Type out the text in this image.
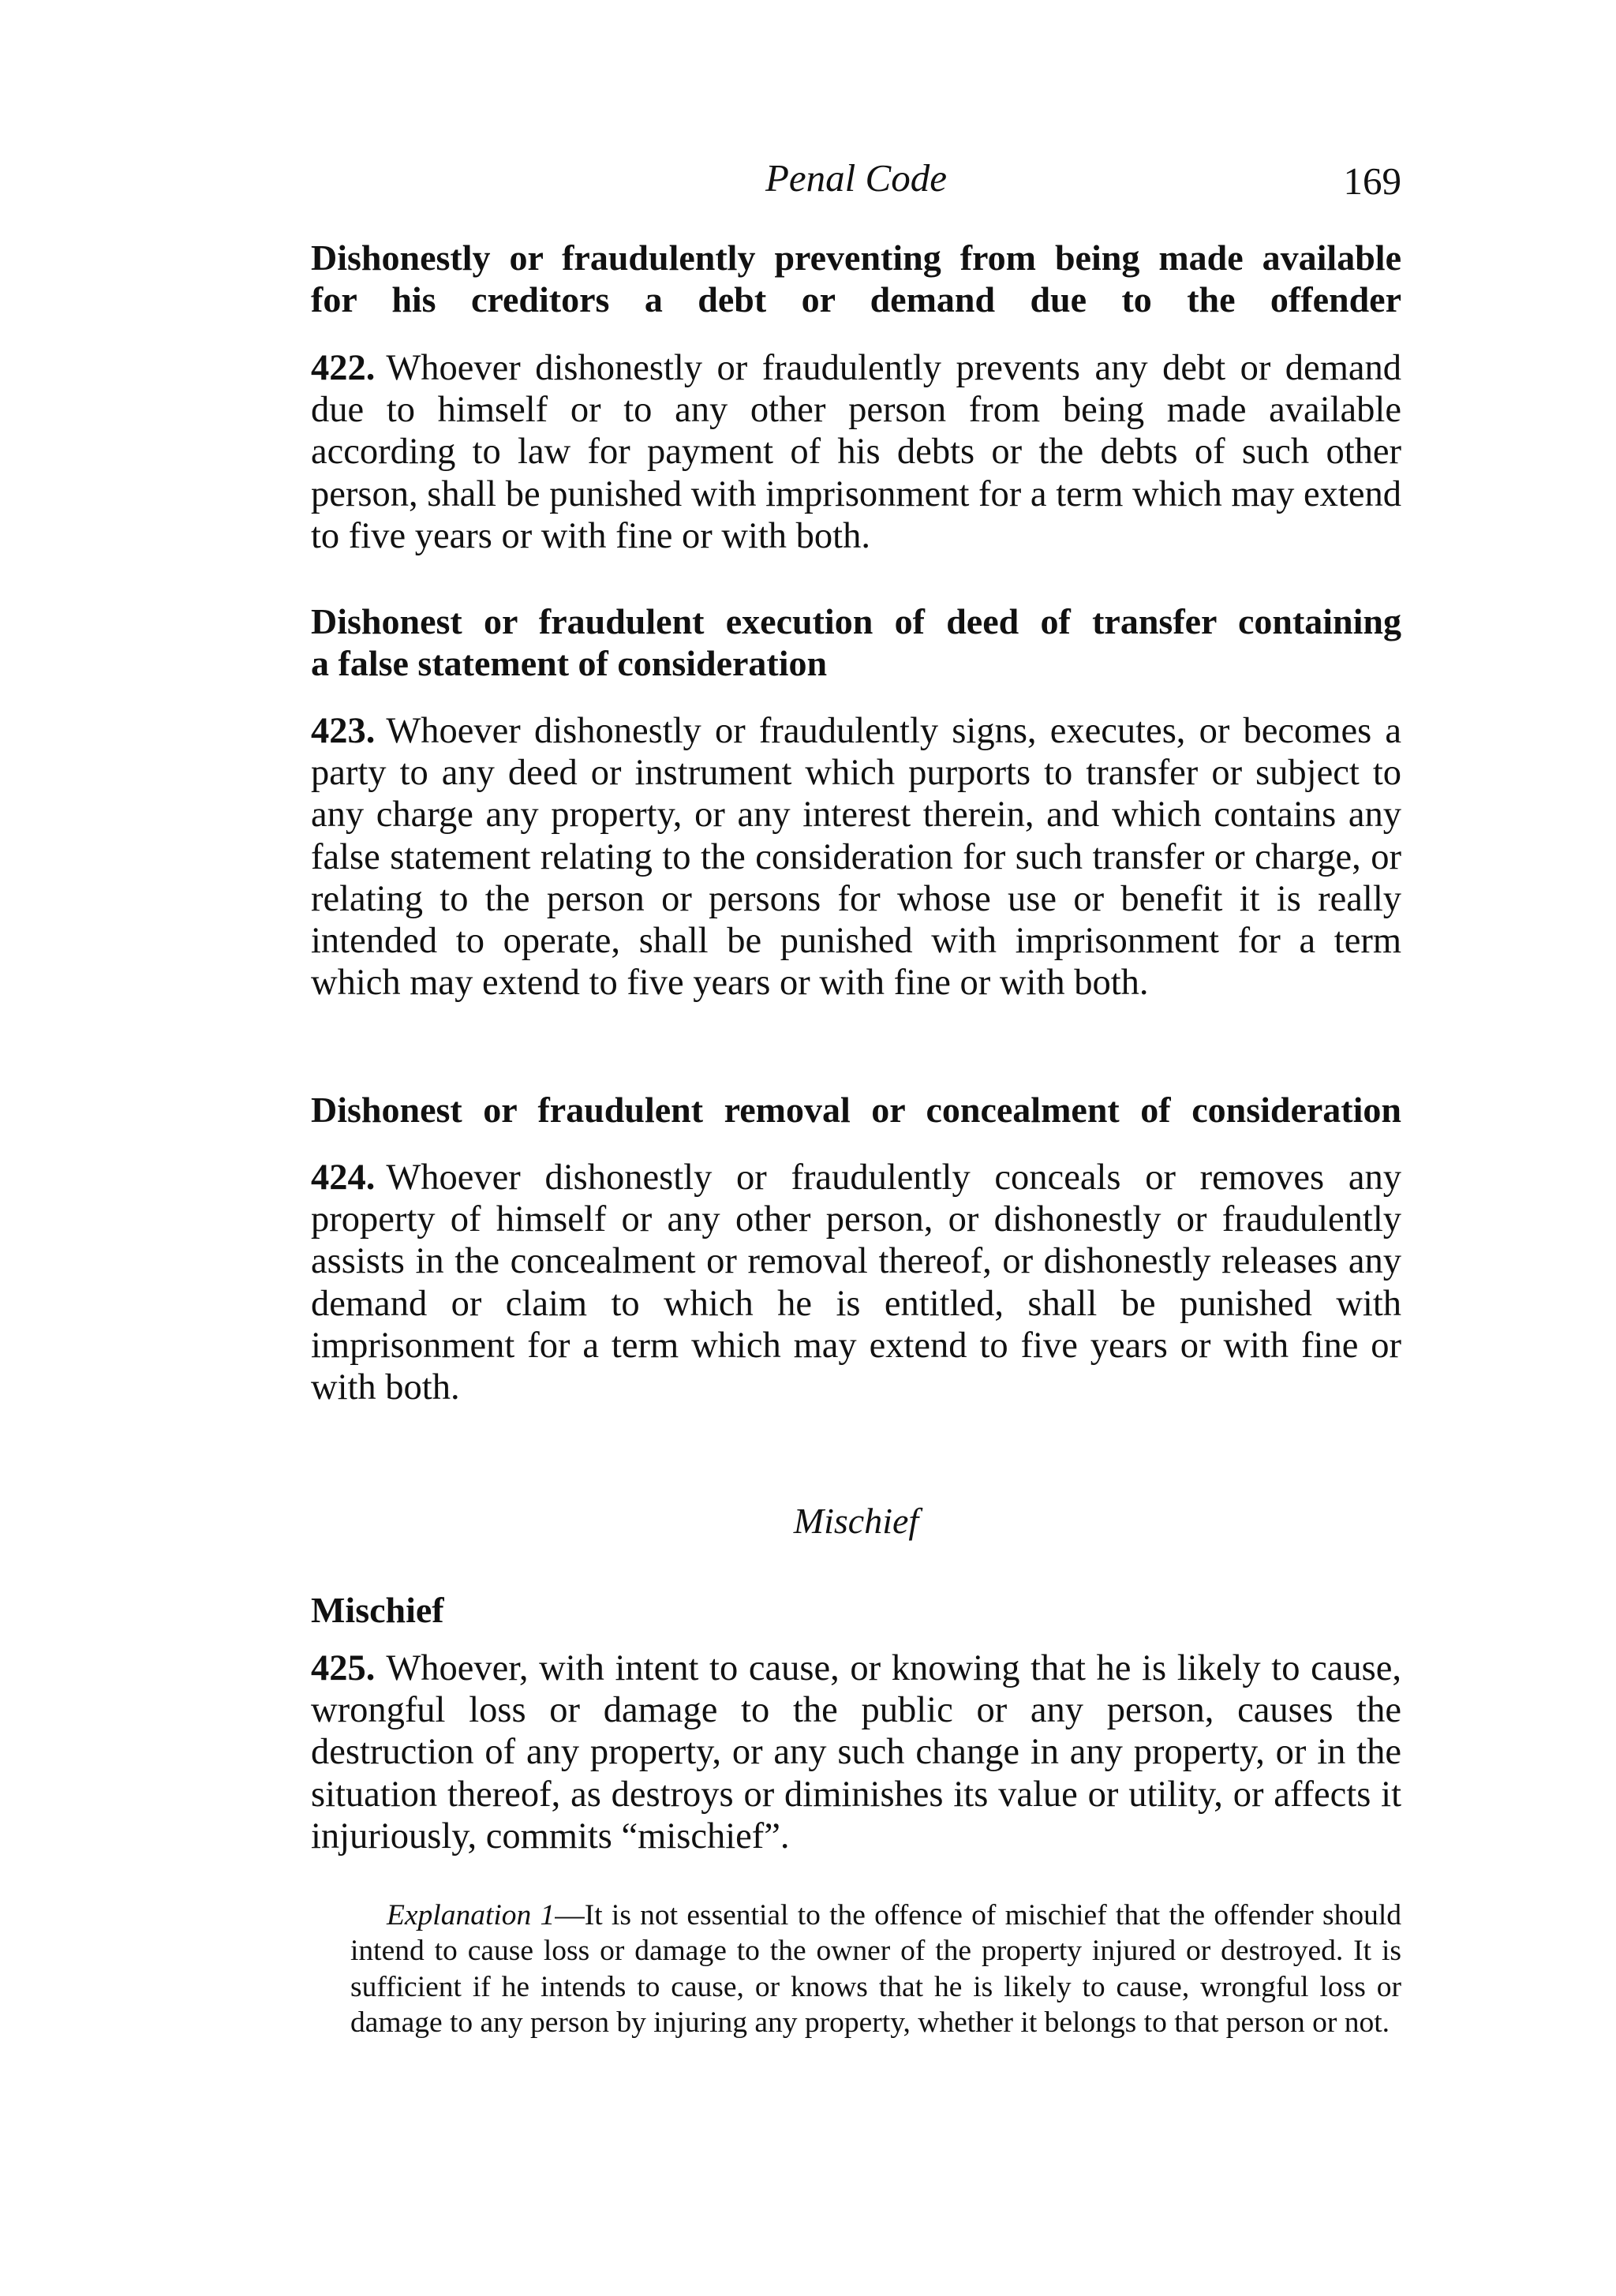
Penal Code	169
Dishonestly or fraudulently preventing from being made available
for his creditors a debt or demand due to the offender
422. Whoever dishonestly or fraudulently prevents any debt or demand due to himself or to any other person from being made available according to law for payment of his debts or the debts of such other person, shall be punished with imprisonment for a term which may extend to five years or with fine or with both.
Dishonest or fraudulent execution of deed of transfer containing
a false statement of consideration
423. Whoever dishonestly or fraudulently signs, executes, or becomes a party to any deed or instrument which purports to transfer or subject to any charge any property, or any interest therein, and which contains any false statement relating to the consideration for such transfer or charge, or relating to the person or persons for whose use or benefit it is really intended to operate, shall be punished with imprisonment for a term which may extend to five years or with fine or with both.
Dishonest or fraudulent removal or concealment of consideration
424. Whoever dishonestly or fraudulently conceals or removes any property of himself or any other person, or dishonestly or fraudulently assists in the concealment or removal thereof, or dishonestly releases any demand or claim to which he is entitled, shall be punished with imprisonment for a term which may extend to five years or with fine or with both.
Mischief
Mischief
425. Whoever, with intent to cause, or knowing that he is likely to cause, wrongful loss or damage to the public or any person, causes the destruction of any property, or any such change in any property, or in the situation thereof, as destroys or diminishes its value or utility, or affects it injuriously, commits “mischief”.
Explanation 1—It is not essential to the offence of mischief that the offender should intend to cause loss or damage to the owner of the property injured or destroyed. It is sufficient if he intends to cause, or knows that he is likely to cause, wrongful loss or damage to any person by injuring any property, whether it belongs to that person or not.
